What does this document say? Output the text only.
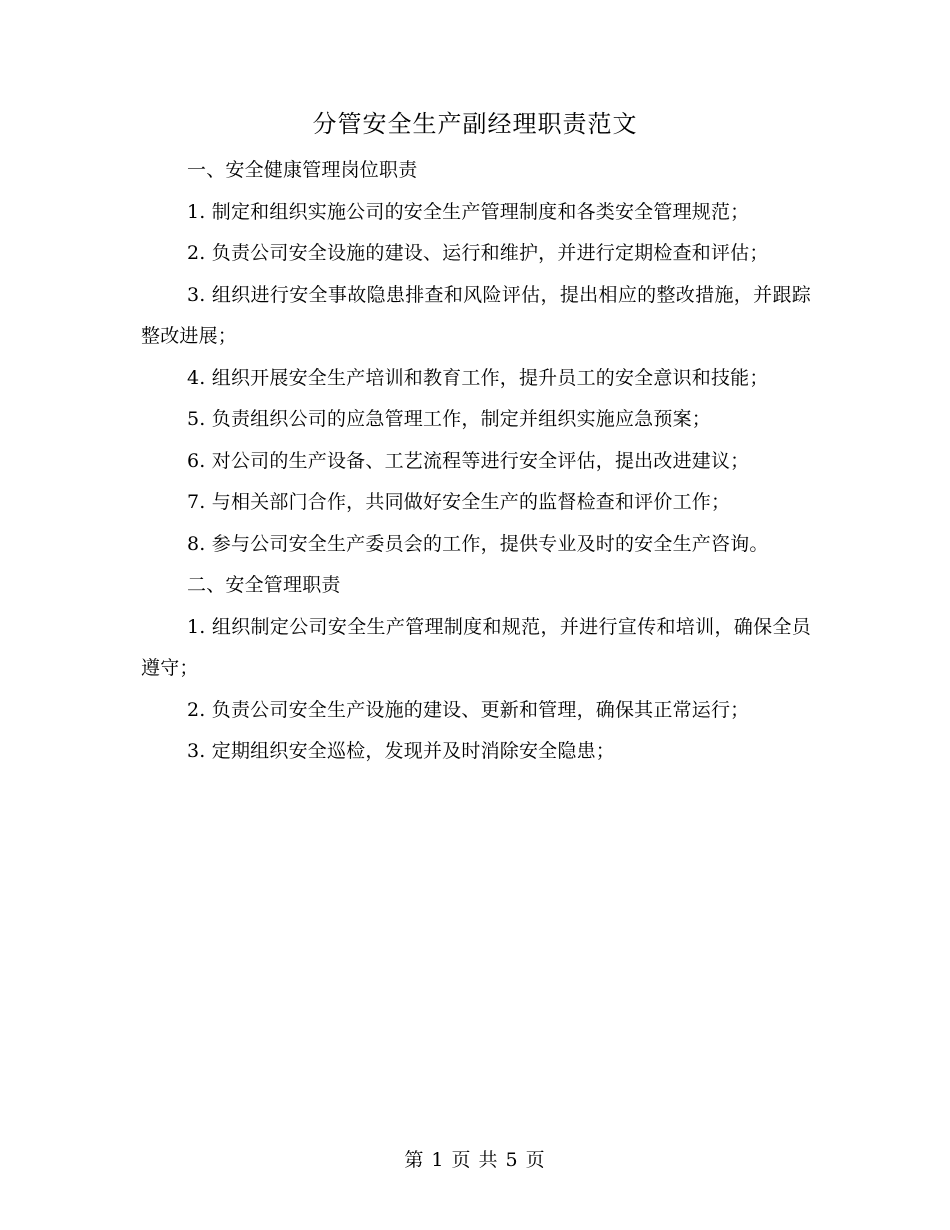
分管安全生产副经理职责范文

一、安全健康管理岗位职责

1. 制定和组织实施公司的安全生产管理制度和各类安全管理规范；

2. 负责公司安全设施的建设、运行和维护，并进行定期检查和评估；

3. 组织进行安全事故隐患排查和风险评估，提出相应的整改措施，并跟踪整改进展；

4. 组织开展安全生产培训和教育工作，提升员工的安全意识和技能；

5. 负责组织公司的应急管理工作，制定并组织实施应急预案；

6. 对公司的生产设备、工艺流程等进行安全评估，提出改进建议；

7. 与相关部门合作，共同做好安全生产的监督检查和评价工作；

8. 参与公司安全生产委员会的工作，提供专业及时的安全生产咨询。

二、安全管理职责

1. 组织制定公司安全生产管理制度和规范，并进行宣传和培训，确保全员遵守；

2. 负责公司安全生产设施的建设、更新和管理，确保其正常运行；

3. 定期组织安全巡检，发现并及时消除安全隐患；

第 1 页 共 5 页
